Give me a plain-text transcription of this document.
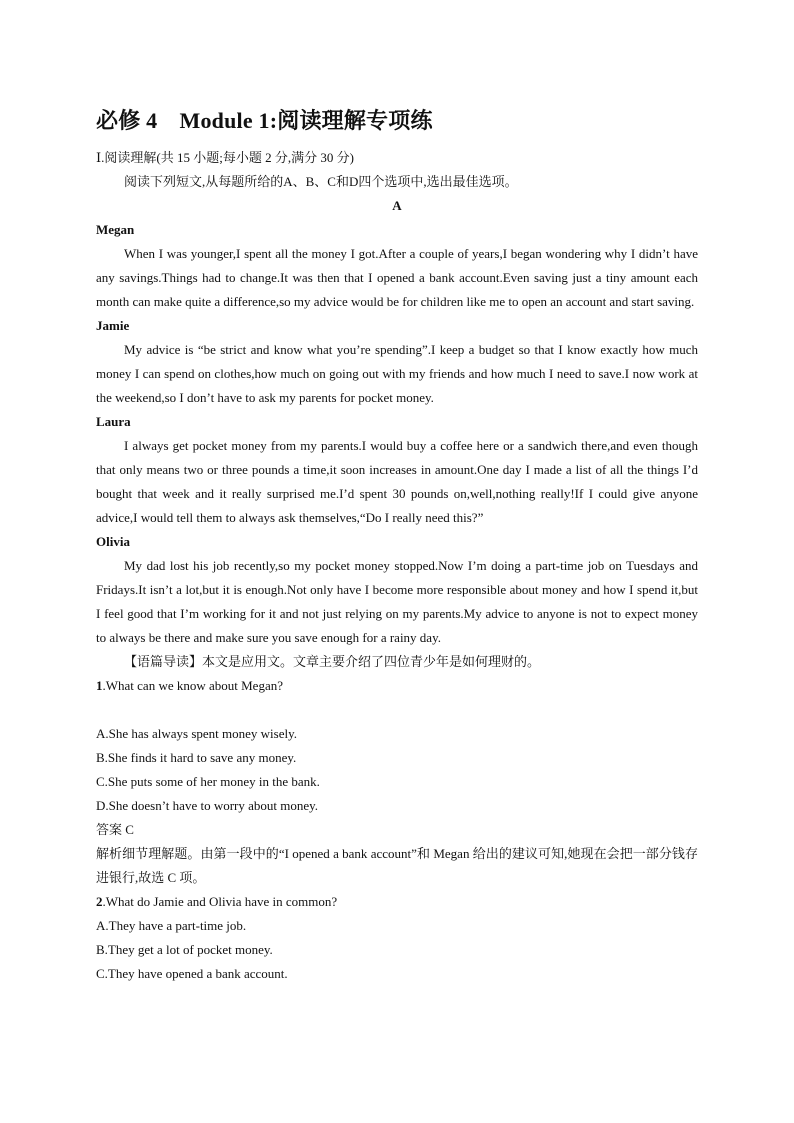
必修 4　Module 1:阅读理解专项练

Ⅰ.阅读理解(共 15 小题;每小题 2 分,满分 30 分)

阅读下列短文,从每题所给的A、B、C和D四个选项中,选出最佳选项。

A

Megan

When I was younger,I spent all the money I got.After a couple of years,I began wondering why I didn’t have any savings.Things had to change.It was then that I opened a bank account.Even saving just a tiny amount each month can make quite a difference,so my advice would be for children like me to open an account and start saving.

Jamie

My advice is “be strict and know what you’re spending”.I keep a budget so that I know exactly how much money I can spend on clothes,how much on going out with my friends and how much I need to save.I now work at the weekend,so I don’t have to ask my parents for pocket money.

Laura

I always get pocket money from my parents.I would buy a coffee here or a sandwich there,and even though that only means two or three pounds a time,it soon increases in amount.One day I made a list of all the things I’d bought that week and it really surprised me.I’d spent 30 pounds on,well,nothing really!If I could give anyone advice,I would tell them to always ask themselves,“Do I really need this?”

Olivia

My dad lost his job recently,so my pocket money stopped.Now I’m doing a part-time job on Tuesdays and Fridays.It isn’t a lot,but it is enough.Not only have I become more responsible about money and how I spend it,but I feel good that I’m working for it and not just relying on my parents.My advice to anyone is not to expect money to always be there and make sure you save enough for a rainy day.

【语篇导读】本文是应用文。文章主要介绍了四位青少年是如何理财的。

1.What can we know about Megan?

A.She has always spent money wisely.

B.She finds it hard to save any money.

C.She puts some of her money in the bank.

D.She doesn’t have to worry about money.

答案 C

解析细节理解题。由第一段中的“I opened a bank account”和 Megan 给出的建议可知,她现在会把一部分钱存进银行,故选 C 项。

2.What do Jamie and Olivia have in common?

A.They have a part-time job.

B.They get a lot of pocket money.

C.They have opened a bank account.
